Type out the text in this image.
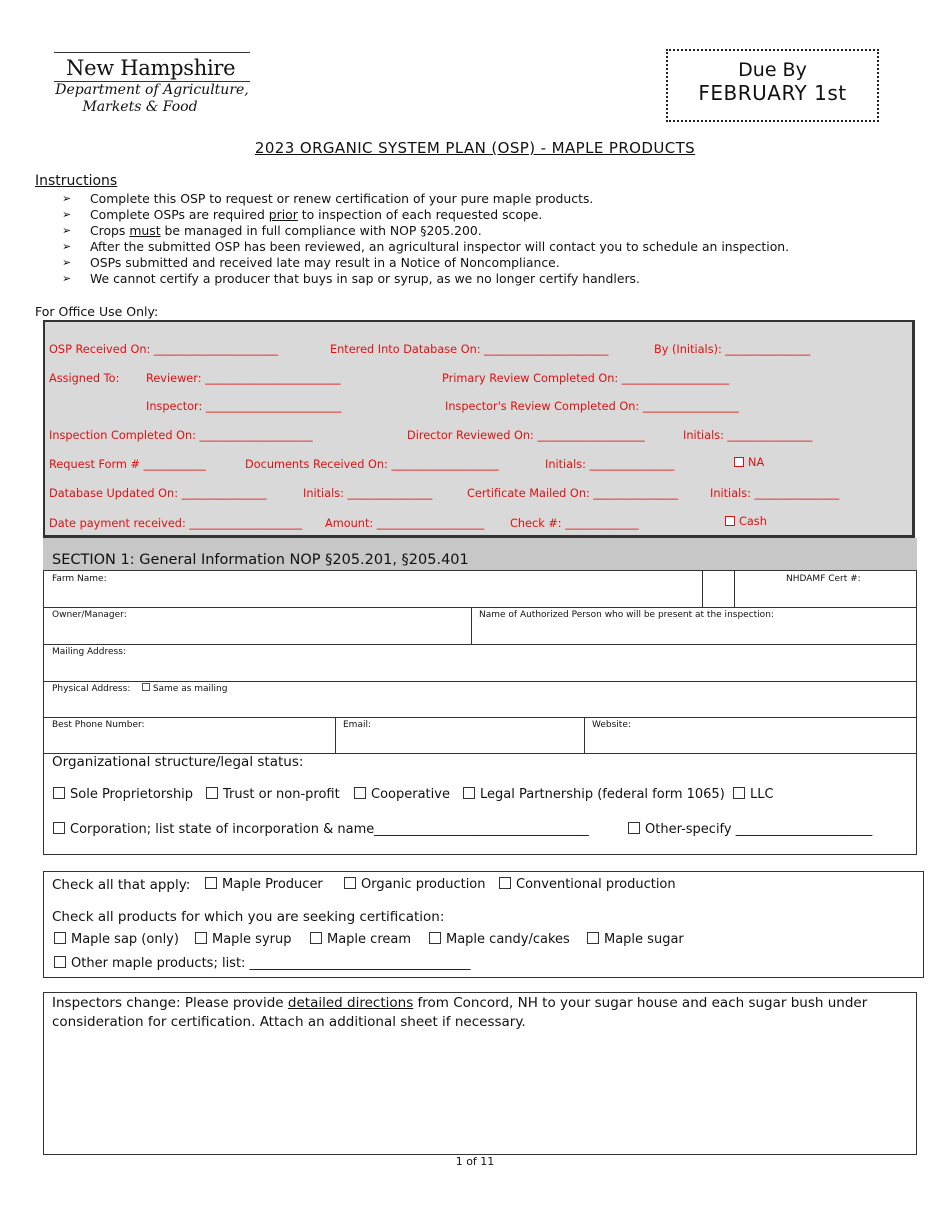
New Hampshire
Department of Agriculture,
Markets & Food
Due By
FEBRUARY 1st
2023 ORGANIC SYSTEM PLAN (OSP) - MAPLE PRODUCTS
Instructions
➢ Complete this OSP to request or renew certification of your pure maple products.
➢ Complete OSPs are required prior to inspection of each requested scope.
➢ Crops must be managed in full compliance with NOP §205.200.
➢ After the submitted OSP has been reviewed, an agricultural inspector will contact you to schedule an inspection.
➢ OSPs submitted and received late may result in a Notice of Noncompliance.
➢ We cannot certify a producer that buys in sap or syrup, as we no longer certify handlers.
For Office Use Only:
OSP Received On: ______________________	Entered Into Database On: ______________________	By (Initials): _______________
Assigned To: Reviewer: ________________________	Primary Review Completed On: ___________________
Inspector: ________________________	Inspector's Review Completed On: _________________
Inspection Completed On: ____________________	Director Reviewed On: ___________________	Initials: _______________
Request Form # ___________	Documents Received On: ___________________	Initials: _______________	NA
Database Updated On: _______________	Initials: _______________	Certificate Mailed On: _______________	Initials: _______________
Date payment received: ____________________ Amount: ___________________ Check #: _____________	Cash
SECTION 1: General Information NOP §205.201, §205.401
Farm Name:	NHDAMF Cert #:
Owner/Manager:	Name of Authorized Person who will be present at the inspection:
Mailing Address:
Physical Address: Same as mailing
Best Phone Number:	Email:	Website:
Organizational structure/legal status:
Sole Proprietorship	Trust or non-profit	Cooperative	Legal Partnership (federal form 1065)	LLC
Corporation; list state of incorporation & name_________________________________	Other-specify _____________________
Check all that apply:	Maple Producer	Organic production	Conventional production
Check all products for which you are seeking certification:
Maple sap (only)	Maple syrup	Maple cream	Maple candy/cakes	Maple sugar
Other maple products; list: __________________________________
Inspectors change: Please provide detailed directions from Concord, NH to your sugar house and each sugar bush under
consideration for certification. Attach an additional sheet if necessary.
1 of 11
